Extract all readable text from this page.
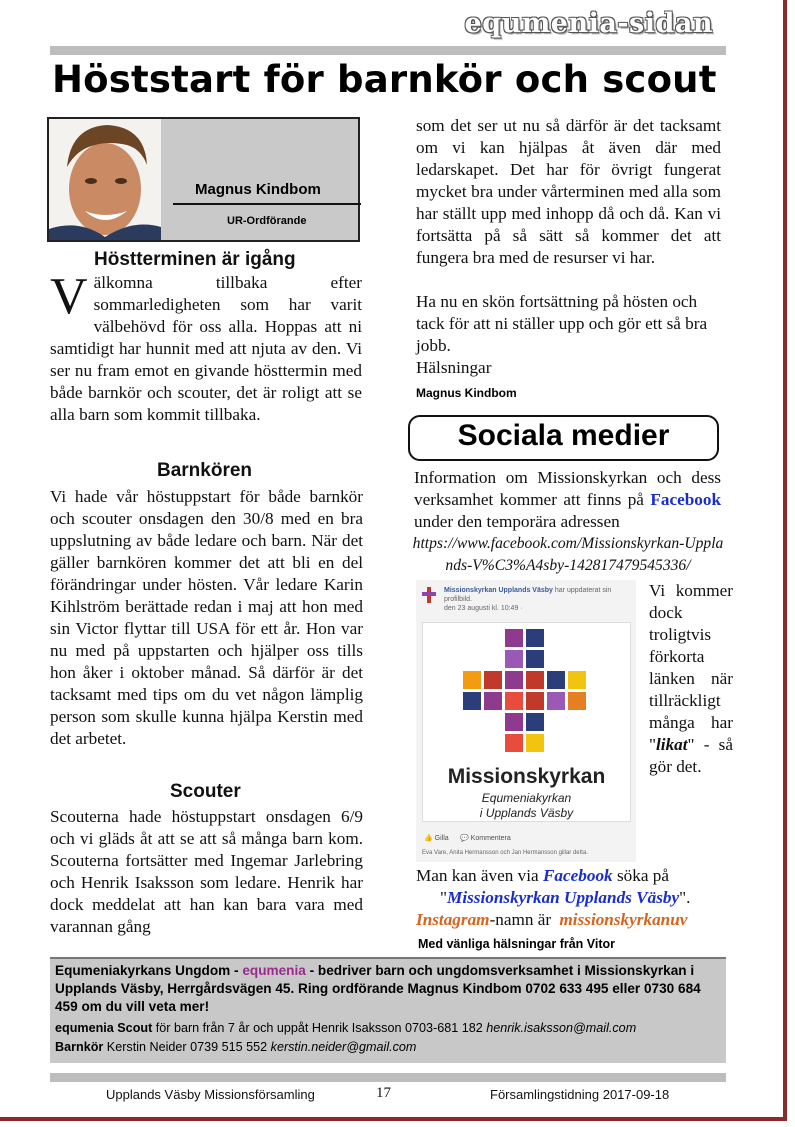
equmenia-sidan
Höststart för barnkör och scout
Magnus Kindbom
UR-Ordförande
Höstterminen är igång
Välkomna tillbaka efter sommarledigheten som har varit välbehövd för oss alla. Hoppas att ni samtidigt har hunnit med att njuta av den. Vi ser nu fram emot en givande hösttermin med både barnkör och scouter, det är roligt att se alla barn som kommit tillbaka.
Barnkören
Vi hade vår höstuppstart för både barnkör och scouter onsdagen den 30/8 med en bra uppslutning av både ledare och barn. När det gäller barnkören kommer det att bli en del förändringar under hösten. Vår ledare Karin Kihlström berättade redan i maj att hon med sin Victor flyttar till USA för ett år. Hon var nu med på uppstarten och hjälper oss tills hon åker i oktober månad. Så därför är det tacksamt med tips om du vet någon lämplig person som skulle kunna hjälpa Kerstin med det arbetet.
Scouter
Scouterna hade höstuppstart onsdagen 6/9 och vi gläds åt att se att så många barn kom. Scouterna fortsätter med Ingemar Jarlebring och Henrik Isaksson som ledare. Henrik har dock meddelat att han kan bara vara med varannan gång
som det ser ut nu så därför är det tacksamt om vi kan hjälpas åt även där med ledarskapet. Det har för övrigt fungerat mycket bra under vårterminen med alla som har ställt upp med inhopp då och då. Kan vi fortsätta på så sätt så kommer det att fungera bra med de resurser vi har.
Ha nu en skön fortsättning på hösten och tack för att ni ställer upp och gör ett så bra jobb.
Hälsningar
Magnus Kindbom
Sociala medier
Information om Missionskyrkan och dess verksamhet kommer att finns på Facebook under den temporära adressen
https://www.facebook.com/Missionskyrkan-Upplands-V%C3%A4sby-142817479545336/
Missionskyrkan Upplands Väsby har uppdaterat sin profilbild.
den 23 augusti kl. 10:49 ·
Missionskyrkan
Equmeniakyrkan
i Upplands Väsby
👍 Gilla 💬 Kommentera
Eva Vare, Anita Hermansson och Jan Hermansson gillar detta.
Vi kommer dock troligtvis förkorta länken när tillräckligt många har "likat" - så gör det.
Man kan även via Facebook söka på
"Missionskyrkan Upplands Väsby".
Instagram-namn är missionskyrkanuv
Med vänliga hälsningar från Vitor
Equmeniakyrkans Ungdom - equmenia - bedriver barn och ungdomsverksamhet i Missionskyrkan i Upplands Väsby, Herrgårdsvägen 45. Ring ordförande Magnus Kindbom 0702 633 495 eller 0730 684 459 om du vill veta mer!
equmenia Scout för barn från 7 år och uppåt Henrik Isaksson 0703-681 182 henrik.isaksson@mail.com
Barnkör Kerstin Neider 0739 515 552 kerstin.neider@gmail.com
Upplands Väsby Missionsförsamling	17	Församlingstidning 2017-09-18
